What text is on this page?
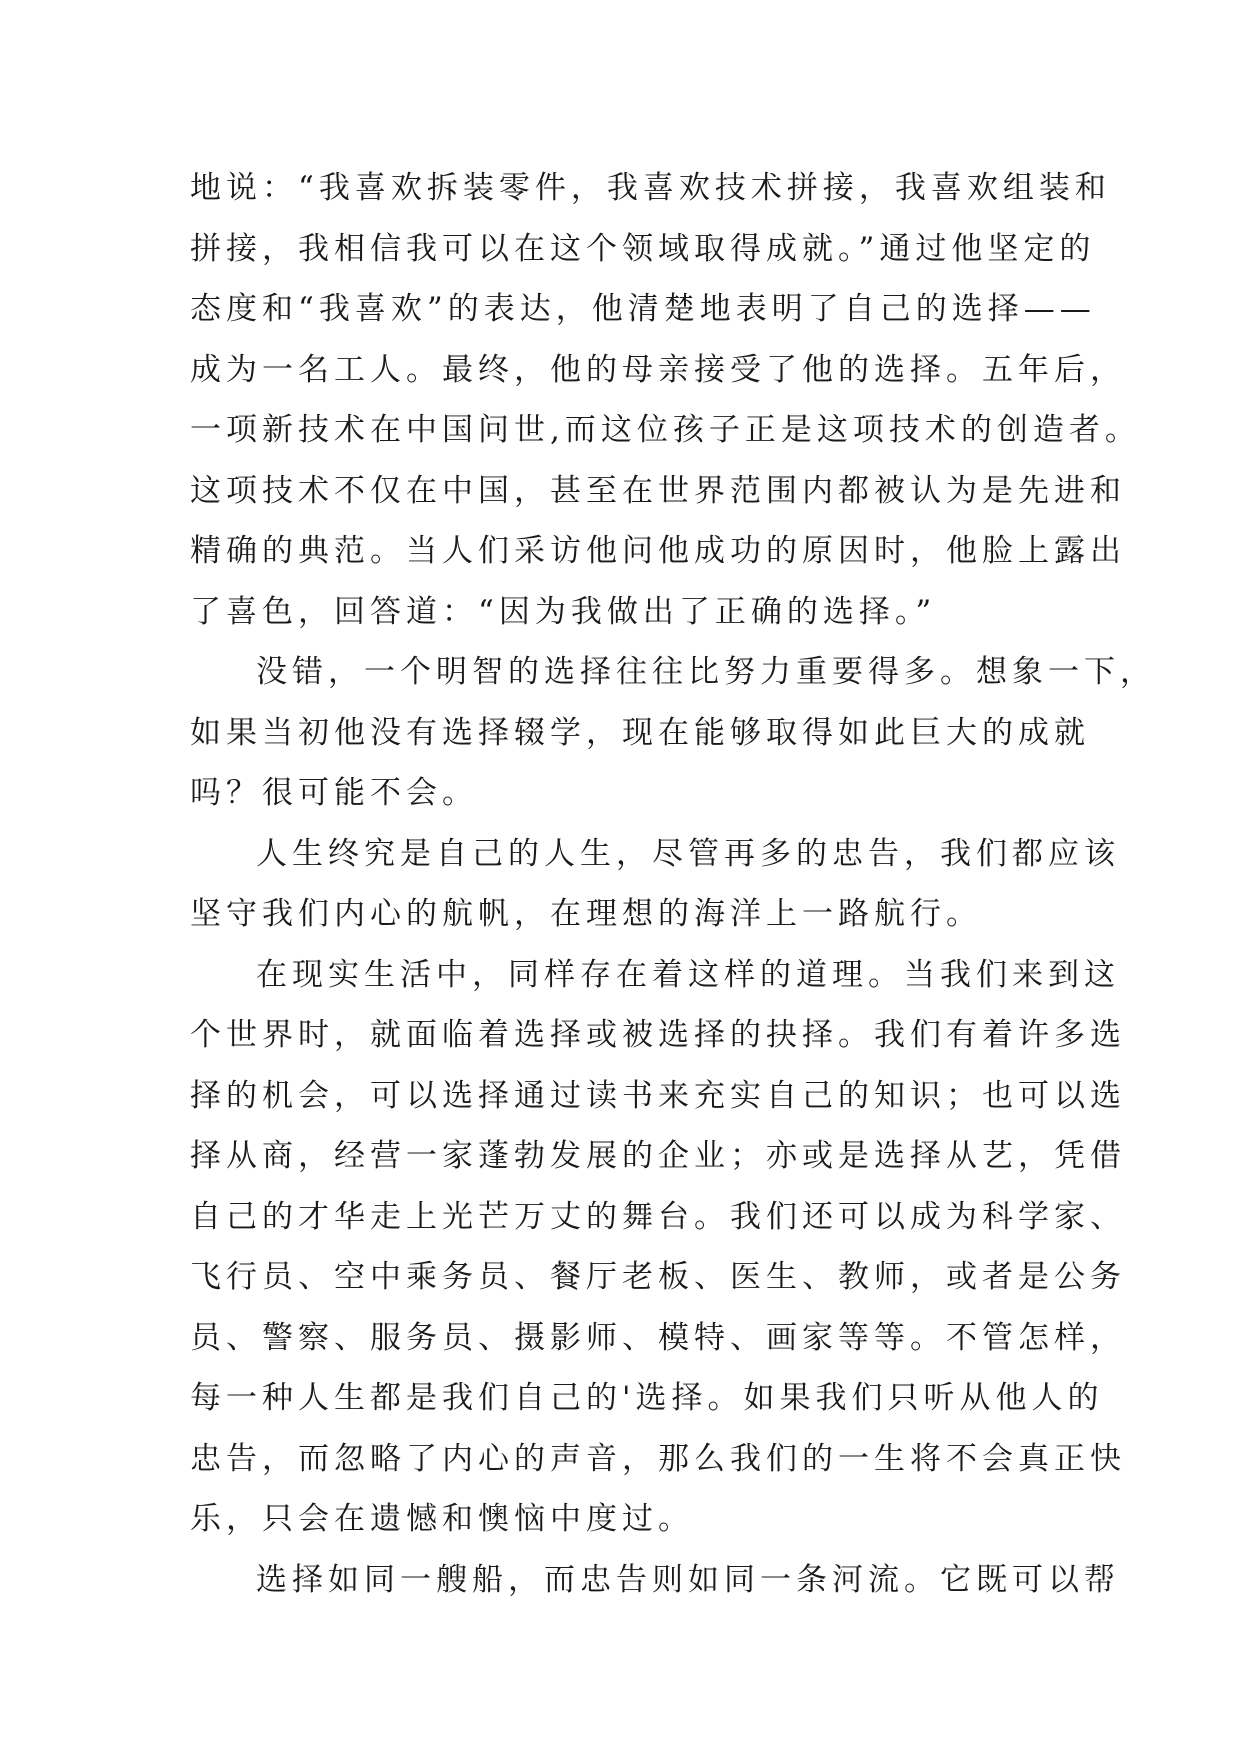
地说：“我喜欢拆装零件，我喜欢技术拼接，我喜欢组装和
拼接，我相信我可以在这个领域取得成就。”通过他坚定的
态度和“我喜欢”的表达，他清楚地表明了自己的选择——
成为一名工人。最终，他的母亲接受了他的选择。五年后，
一项新技术在中国问世,而这位孩子正是这项技术的创造者。
这项技术不仅在中国，甚至在世界范围内都被认为是先进和
精确的典范。当人们采访他问他成功的原因时，他脸上露出
了喜色，回答道：“因为我做出了正确的选择。”
没错，一个明智的选择往往比努力重要得多。想象一下，
如果当初他没有选择辍学，现在能够取得如此巨大的成就
吗？很可能不会。
人生终究是自己的人生，尽管再多的忠告，我们都应该
坚守我们内心的航帆，在理想的海洋上一路航行。
在现实生活中，同样存在着这样的道理。当我们来到这
个世界时，就面临着选择或被选择的抉择。我们有着许多选
择的机会，可以选择通过读书来充实自己的知识；也可以选
择从商，经营一家蓬勃发展的企业；亦或是选择从艺，凭借
自己的才华走上光芒万丈的舞台。我们还可以成为科学家、
飞行员、空中乘务员、餐厅老板、医生、教师，或者是公务
员、警察、服务员、摄影师、模特、画家等等。不管怎样，
每一种人生都是我们自己的'选择。如果我们只听从他人的
忠告，而忽略了内心的声音，那么我们的一生将不会真正快
乐，只会在遗憾和懊恼中度过。
选择如同一艘船，而忠告则如同一条河流。它既可以帮
